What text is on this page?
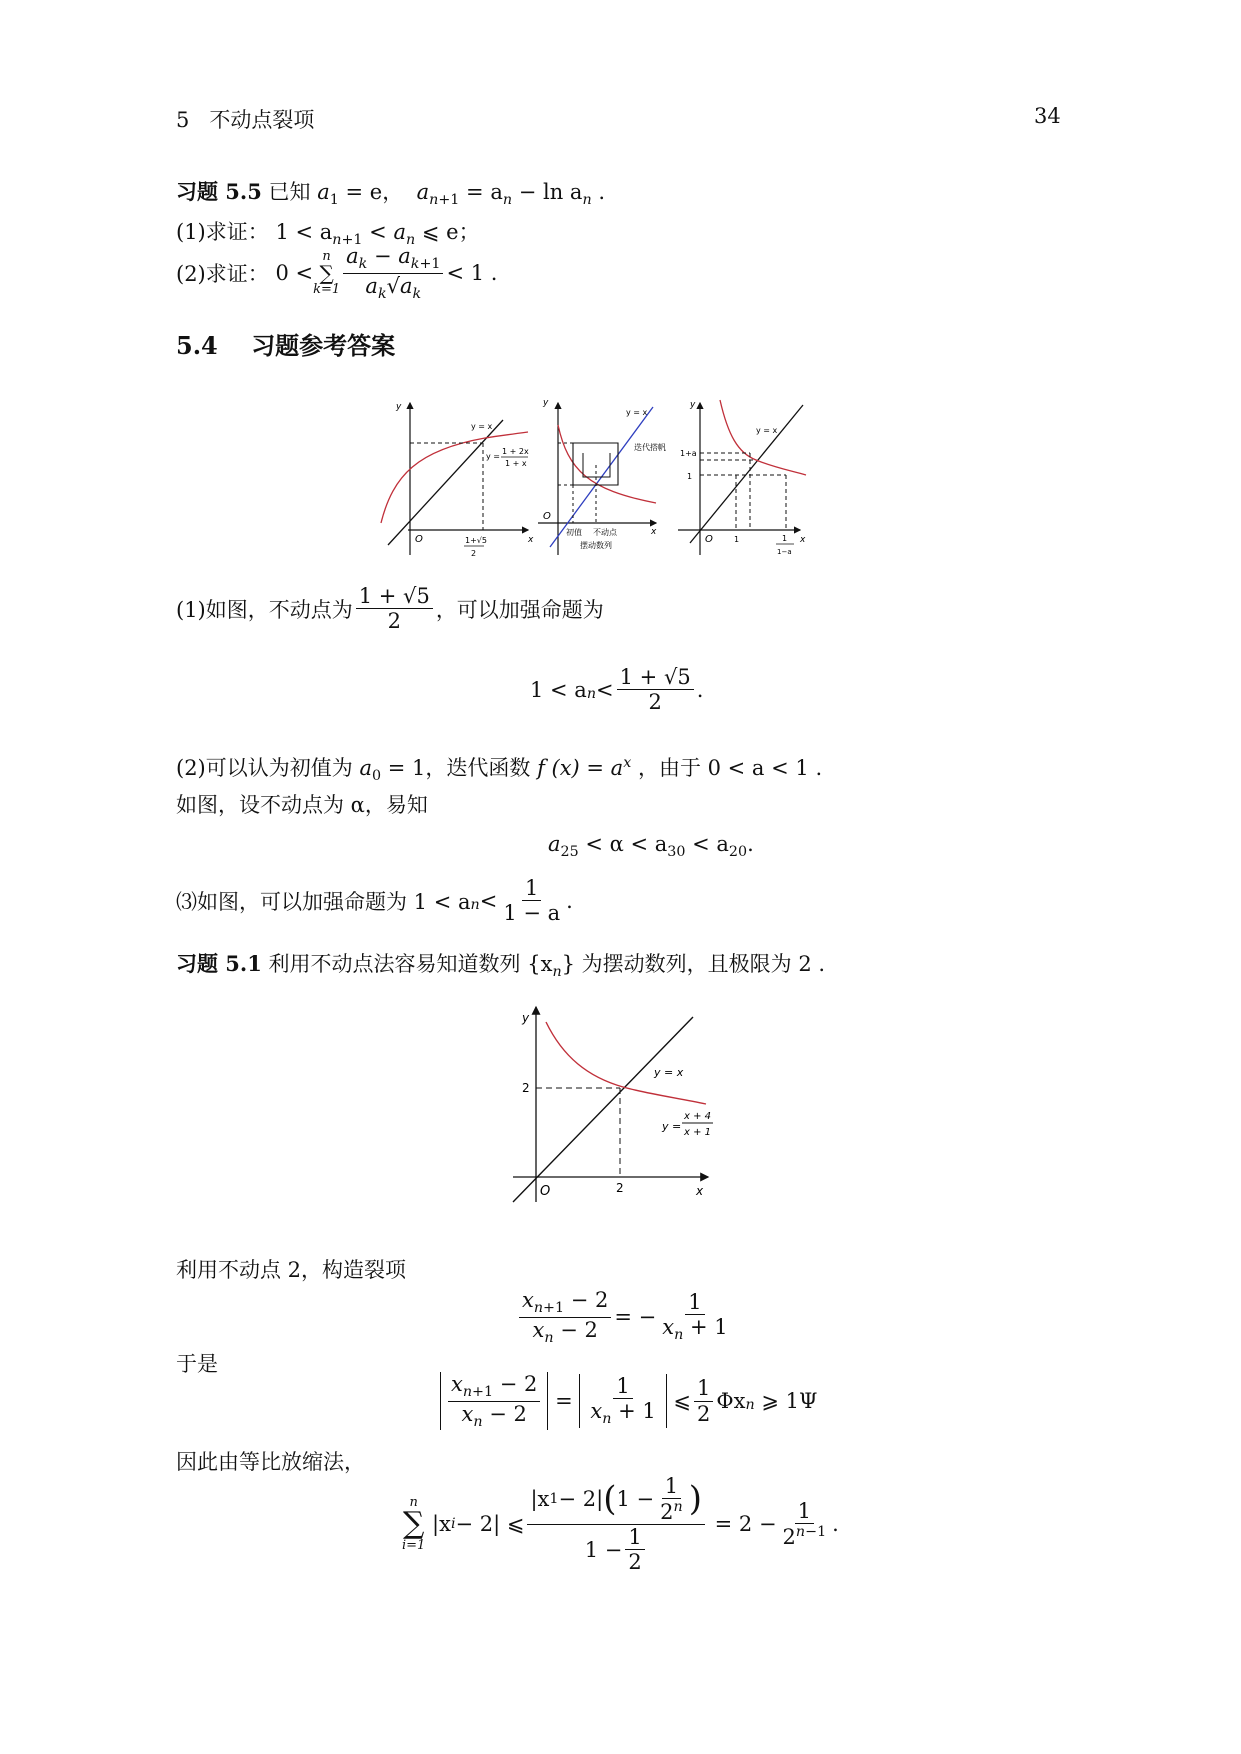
5 不动点裂项	34
习题 5.5 已知 $a_1 = e$， $a_{n+1} = a_n - \ln a_n$ .
(1)求证： $1 < a_{n+1} < a_n$ ⩽ e；
(2)求证：
0 <
n
∑
$k=1 \frac{a_k - a_{k+1}}{a_k√a_k} < 1$ .
5.4 习题参考答案
y
x
O
y = x
y =
1 + 2x
1 + x
1+√5
2
y
x
O
y = x
迭代搭帆
初值 不动点
摆动数列
y
x
O
y = x
1+a
1
1	1
1−a
(1)如图，不动点为 $\frac{1 + √5}{2}$ ，可以加强命题为
1 < a $n < \frac{1 + √5}{2}$ .
(2)可以认为初值为 $a_0 = 1$，迭代函数 f $(x) = a^x$ ，由于 0 < a < 1 .
如图，设不动点为 α，易知
$a_{25} < \alpha < a_{30} < a_{20}$.
⑶如图，可以加强命题为 1 < a $n < \frac{1}{1 - a}$ .
习题 5.1 利用不动点法容易知道数列 $\{x_n\}$ 为摆动数列，且极限为 2 .
y
x
O
2
2
y = x
y =
x + 4
x + 1
利用不动点 2，构造裂项
$\frac{x_{n+1} - 2}{x_n - 2}$ = − $\frac{1}{x_n + 1}$
于是
$\frac{x_{n+1} - 2}{x_n - 2}$
=
$\frac{1}{x_n + 1}$
⩽ $\frac{1}{2}$ Φx n
⩾ 1Ψ
因此由等比放缩法，
n
∑
i=1

|x i − 2| ⩽
|x 1 − 2| ( $1 - \frac{1}{2^n}$ )
$1 - \frac{1}{2}$

= $2 - \frac{1}{2^{n-1}}$ .
